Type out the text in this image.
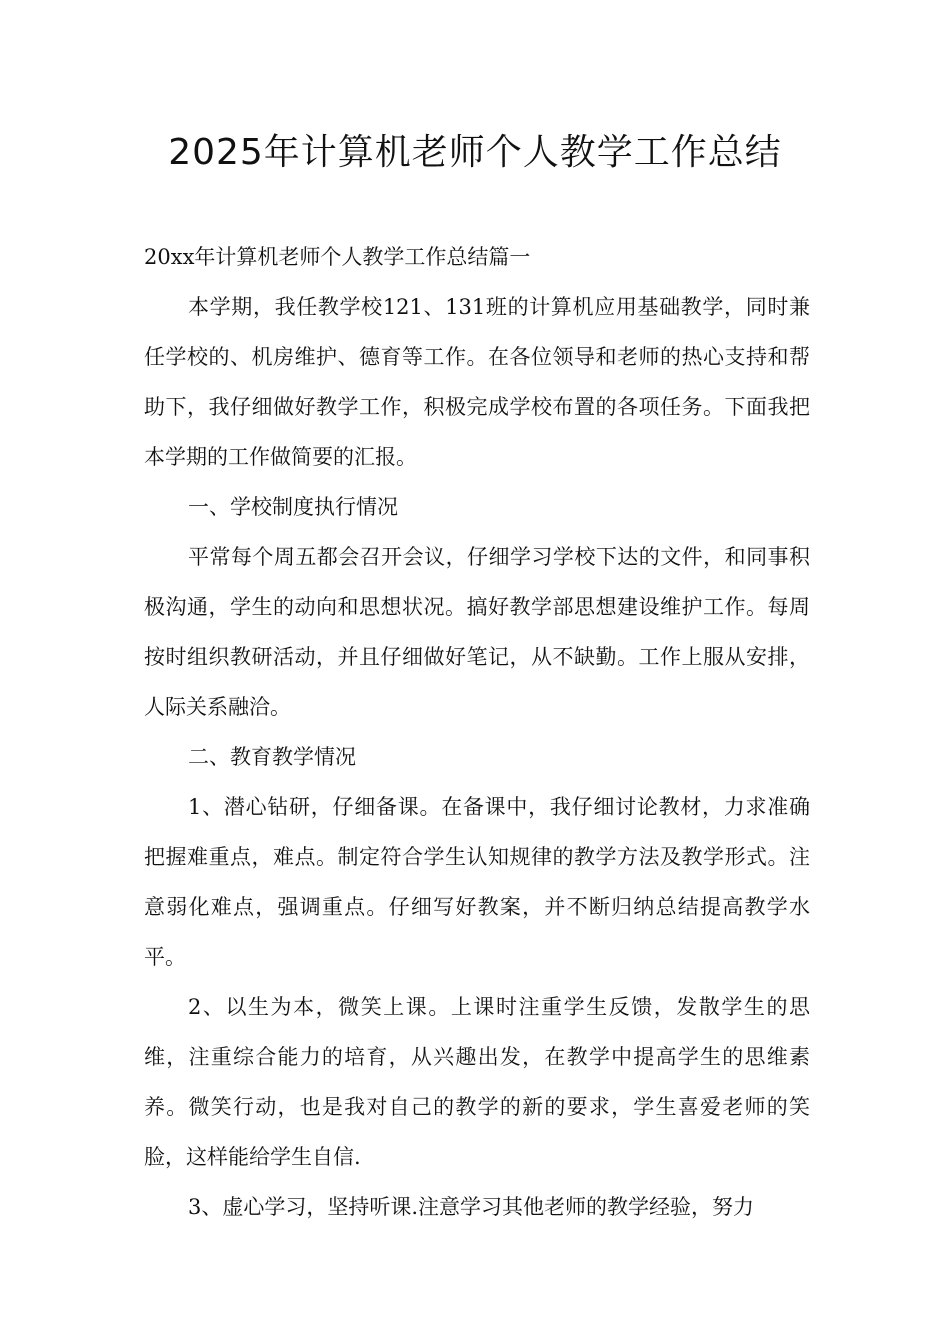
2025年计算机老师个人教学工作总结

20xx年计算机老师个人教学工作总结篇一

本学期，我任教学校121、131班的计算机应用基础教学，同时兼任学校的、机房维护、德育等工作。在各位领导和老师的热心支持和帮助下，我仔细做好教学工作，积极完成学校布置的各项任务。下面我把本学期的工作做简要的汇报。

一、学校制度执行情况

平常每个周五都会召开会议，仔细学习学校下达的文件，和同事积极沟通，学生的动向和思想状况。搞好教学部思想建设维护工作。每周按时组织教研活动，并且仔细做好笔记，从不缺勤。工作上服从安排，人际关系融洽。

二、教育教学情况

1、潜心钻研，仔细备课。在备课中，我仔细讨论教材，力求准确把握难重点，难点。制定符合学生认知规律的教学方法及教学形式。注意弱化难点，强调重点。仔细写好教案，并不断归纳总结提高教学水平。

2、以生为本，微笑上课。上课时注重学生反馈，发散学生的思维，注重综合能力的培育，从兴趣出发，在教学中提高学生的思维素养。微笑行动，也是我对自己的教学的新的要求，学生喜爱老师的笑脸，这样能给学生自信.

3、虚心学习，坚持听课.注意学习其他老师的教学经验，努力
